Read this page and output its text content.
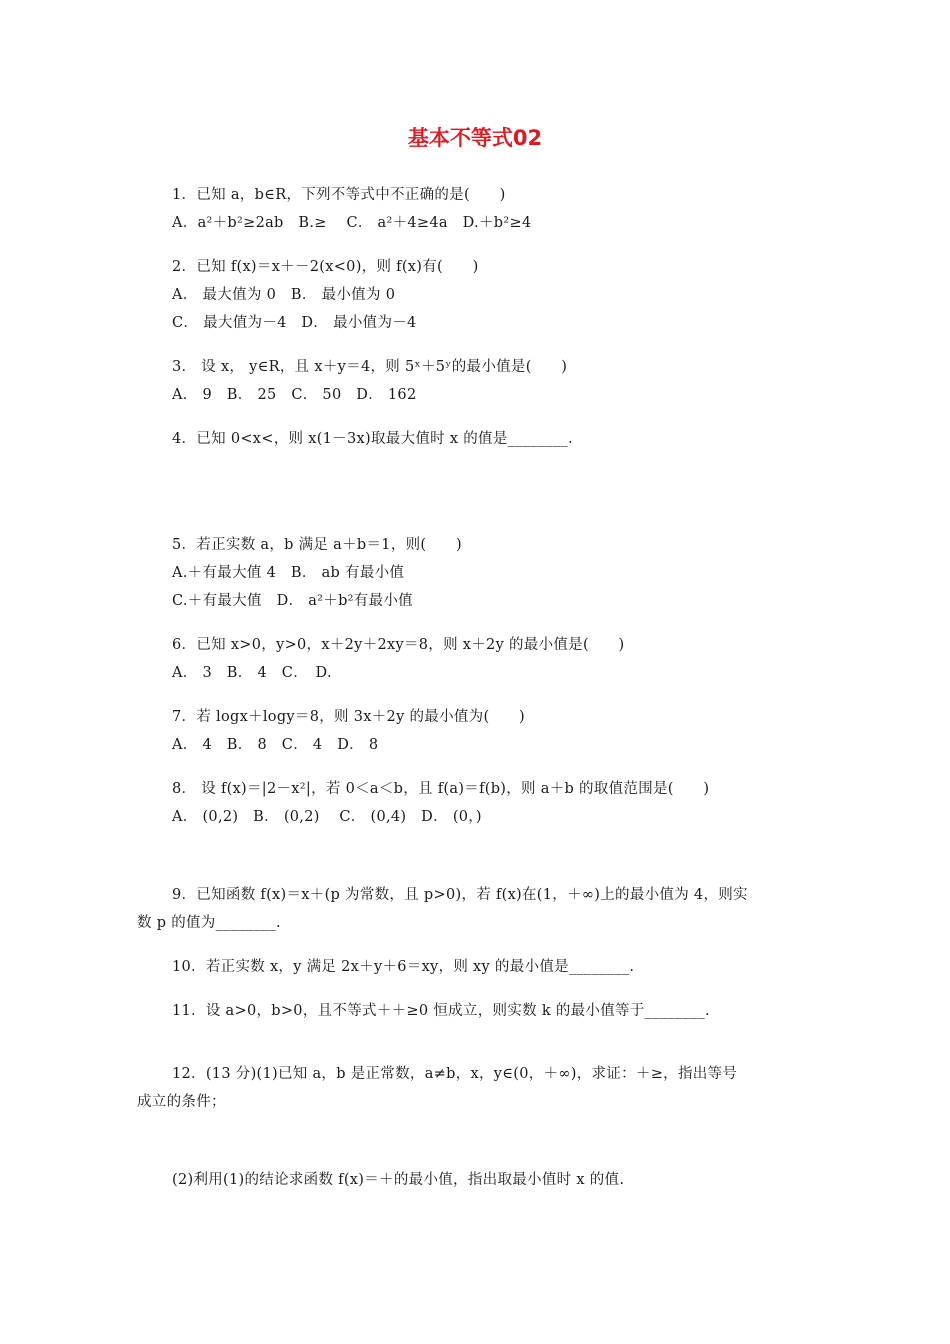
基本不等式02
1．已知 a，b∈R，下列不等式中不正确的是(　　)
A．a²＋b²≥2ab　B.≥　 C． a²＋4≥4a　D.＋b²≥4
2．已知 f(x)＝x＋－2(x<0)，则 f(x)有(　　)
A． 最大值为 0　B． 最小值为 0
C． 最大值为－4　D． 最小值为－4
3． 设 x， y∈R，且 x＋y＝4，则 5ˣ＋5ʸ的最小值是(　　)
A． 9　B． 25　C． 50　D． 162
4．已知 0<x<，则 x(1－3x)取最大值时 x 的值是________.
5．若正实数 a，b 满足 a＋b＝1，则(　　)
A.＋有最大值 4　B． ab 有最小值
C.＋有最大值　D． a²＋b²有最小值
6．已知 x>0，y>0，x＋2y＋2xy＝8，则 x＋2y 的最小值是(　　)
A． 3　B． 4　C．　D.
7．若 logx＋logy＝8，则 3x＋2y 的最小值为(　　)
A． 4　B． 8　C． 4　D． 8
8． 设 f(x)＝|2－x²|，若 0＜a＜b，且 f(a)＝f(b)，则 a＋b 的取值范围是(　　)
A． (0,2)　B． (0,2)　 C． (0,4)　D． (0，)
9．已知函数 f(x)＝x＋(p 为常数，且 p>0)，若 f(x)在(1，＋∞)上的最小值为 4，则实
数 p 的值为________.
10．若正实数 x，y 满足 2x＋y＋6＝xy，则 xy 的最小值是________.
11．设 a>0，b>0，且不等式＋＋≥0 恒成立，则实数 k 的最小值等于________.
12．(13 分)(1)已知 a，b 是正常数，a≠b，x，y∈(0，＋∞)，求证：＋≥，指出等号
成立的条件；
(2)利用(1)的结论求函数 f(x)＝＋的最小值，指出取最小值时 x 的值.
